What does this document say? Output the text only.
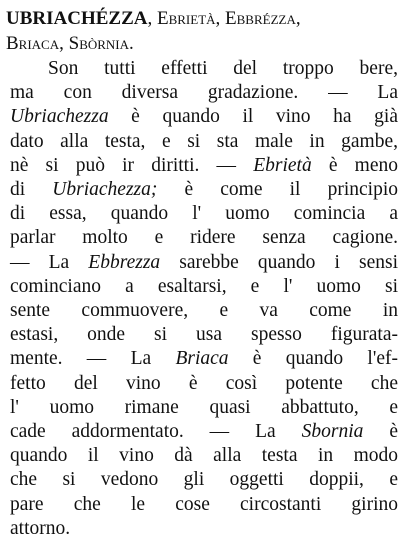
UBRIACHÉZZA, Ebrietà, Ebbrézza,
Briaca, Sbòrnia.
Son tutti effetti del troppo bere,
ma con diversa gradazione. — La
Ubriachezza è quando il vino ha già
dato alla testa, e si sta male in gambe,
nè si può ir diritti. — Ebrietà è meno
di Ubriachezza; è come il principio
di essa, quando l' uomo comincia a
parlar molto e ridere senza cagione.
— La Ebbrezza sarebbe quando i sensi
cominciano a esaltarsi, e l' uomo si
sente commuovere, e va come in
estasi, onde si usa spesso figurata-
mente. — La Briaca è quando l'ef-
fetto del vino è così potente che
l' uomo rimane quasi abbattuto, e
cade addormentato. — La Sbornia è
quando il vino dà alla testa in modo
che si vedono gli oggetti doppii, e
pare che le cose circostanti girino
attorno.
